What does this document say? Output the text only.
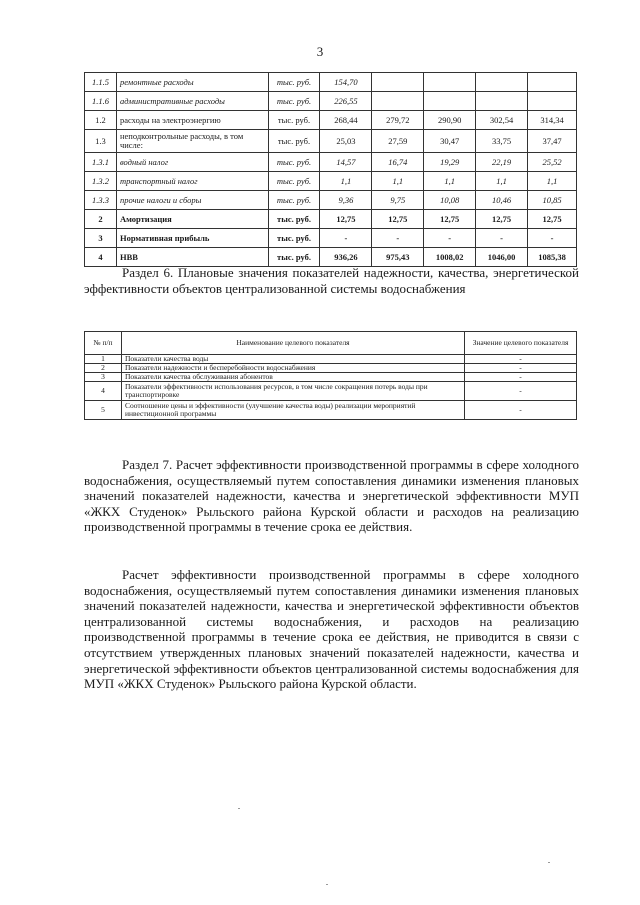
3
1.1.5	ремонтные расходы	тыс. руб.	154,70				
1.1.6	административные расходы	тыс. руб.	226,55				
1.2	расходы на электроэнергию	тыс. руб.	268,44	279,72	290,90	302,54	314,34
1.3	неподконтрольные расходы, в том числе:	тыс. руб.	25,03	27,59	30,47	33,75	37,47
1.3.1	водный налог	тыс. руб.	14,57	16,74	19,29	22,19	25,52
1.3.2	транспортный налог	тыс. руб.	1,1	1,1	1,1	1,1	1,1
1.3.3	прочие налоги и сборы	тыс. руб.	9,36	9,75	10,08	10,46	10,85
2	Амортизация	тыс. руб.	12,75	12,75	12,75	12,75	12,75
3	Нормативная прибыль	тыс. руб.	-	-	-	-	-
4	НВВ	тыс. руб.	936,26	975,43	1008,02	1046,00	1085,38

Раздел 6. Плановые значения показателей надежности, качества, энергетической эффективности объектов централизованной системы водоснабжения

№ п/п	Наименование целевого показателя	Значение целевого показателя
1	Показатели качества воды	-
2	Показатели надежности и бесперебойности водоснабжения	-
3	Показатели качества обслуживания абонентов	-
4	Показатели эффективности использования ресурсов, в том числе сокращения потерь воды при транспортировке	-
5	Соотношение цены и эффективности (улучшение качества воды) реализации мероприятий инвестиционной программы	-

Раздел 7. Расчет эффективности производственной программы в сфере холодного водоснабжения, осуществляемый путем сопоставления динамики изменения плановых значений показателей надежности, качества и энергетической эффективности МУП «ЖКХ Студенок» Рыльского района Курской области и расходов на реализацию производственной программы в течение срока ее действия.

Расчет эффективности производственной программы в сфере холодного водоснабжения, осуществляемый путем сопоставления динамики изменения плановых значений показателей надежности, качества и энергетической эффективности объектов централизованной системы водоснабжения, и расходов на реализацию производственной программы в течение срока ее действия, не приводится в связи с отсутствием утвержденных плановых значений показателей надежности, качества и энергетической эффективности объектов централизованной системы водоснабжения для МУП «ЖКХ Студенок» Рыльского района Курской области.
